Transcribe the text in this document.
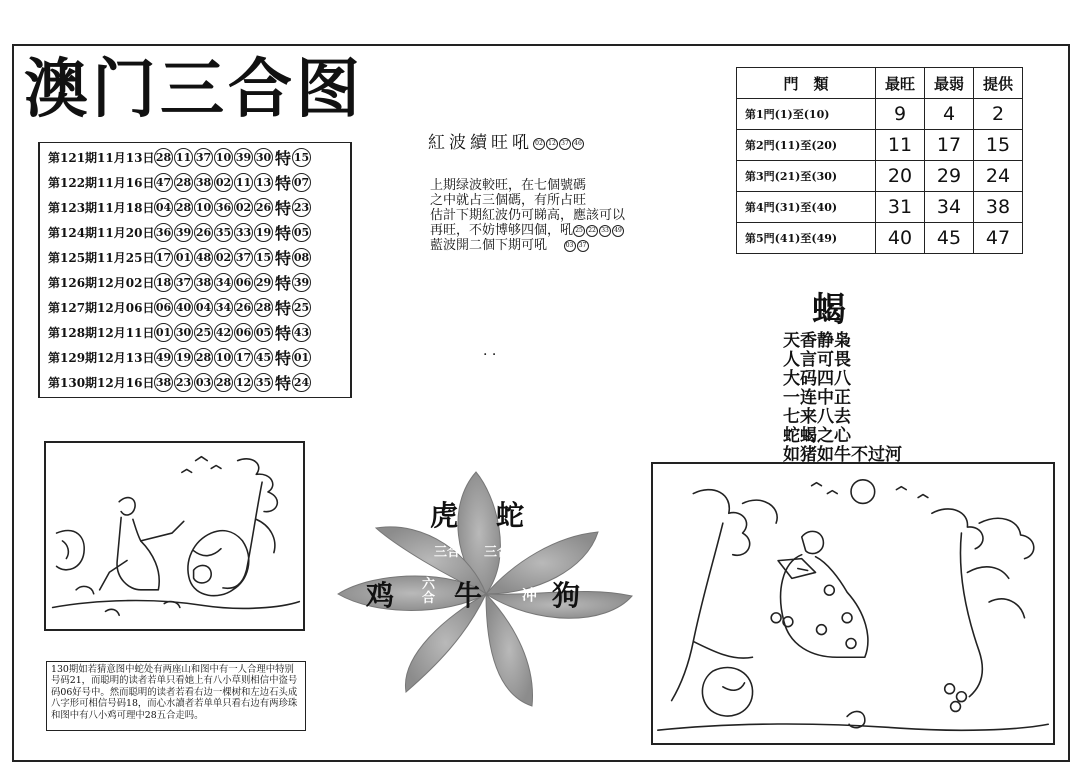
澳门三合图
第121期11月13日 28 11 37 10 39 30 特 15
第122期11月16日 47 28 38 02 11 13 特 07
第123期11月18日 04 28 10 36 02 26 特 23
第124期11月20日 36 39 26 35 33 19 特 05
第125期11月25日 17 01 48 02 37 15 特 08
第126期12月02日 18 37 38 34 06 29 特 39
第127期12月06日 06 40 04 34 26 28 特 25
第128期12月11日 01 30 25 42 06 05 特 43
第129期12月13日 49 19 28 10 17 45 特 01
第130期12月16日 38 23 03 28 12 35 特 24
紅波續旺吼 02 12 37 46
上期绿波較旺，在七個號碼
之中就占三個碼，有所占旺
估計下期紅波仍可睇高，應該可以
再旺，不妨博够四個，吼 25 22 33 49
藍波開二個下期可吼	03 37
· ·
門　類	最旺	最弱	提供
第1門(1)至(10)	9	4	2
第2門(11)至(20)	11	17	15
第3門(21)至(30)	20	29	24
第4門(31)至(40)	31	34	38
第5門(41)至(49)	40	45	47
蝎
天香静枭
人言可畏
大码四八
一连中正
七来八去
蛇蝎之心
如猪如牛不过河
130期如若猜意图中蛇处有两座山和图中有一人合理中特别号码21，而聪明的读者若单只看她上有八小草则相信中盗号码06好号中。然而聪明的读者若看右边一棵树和左边石头成八字形可相信号码18，而心水讀者若单单只看右边有两珍珠和图中有八小鸡可理中28五合走吗。
虎 蛇
鸡 牛 狗
三合 三合
六合	冲
